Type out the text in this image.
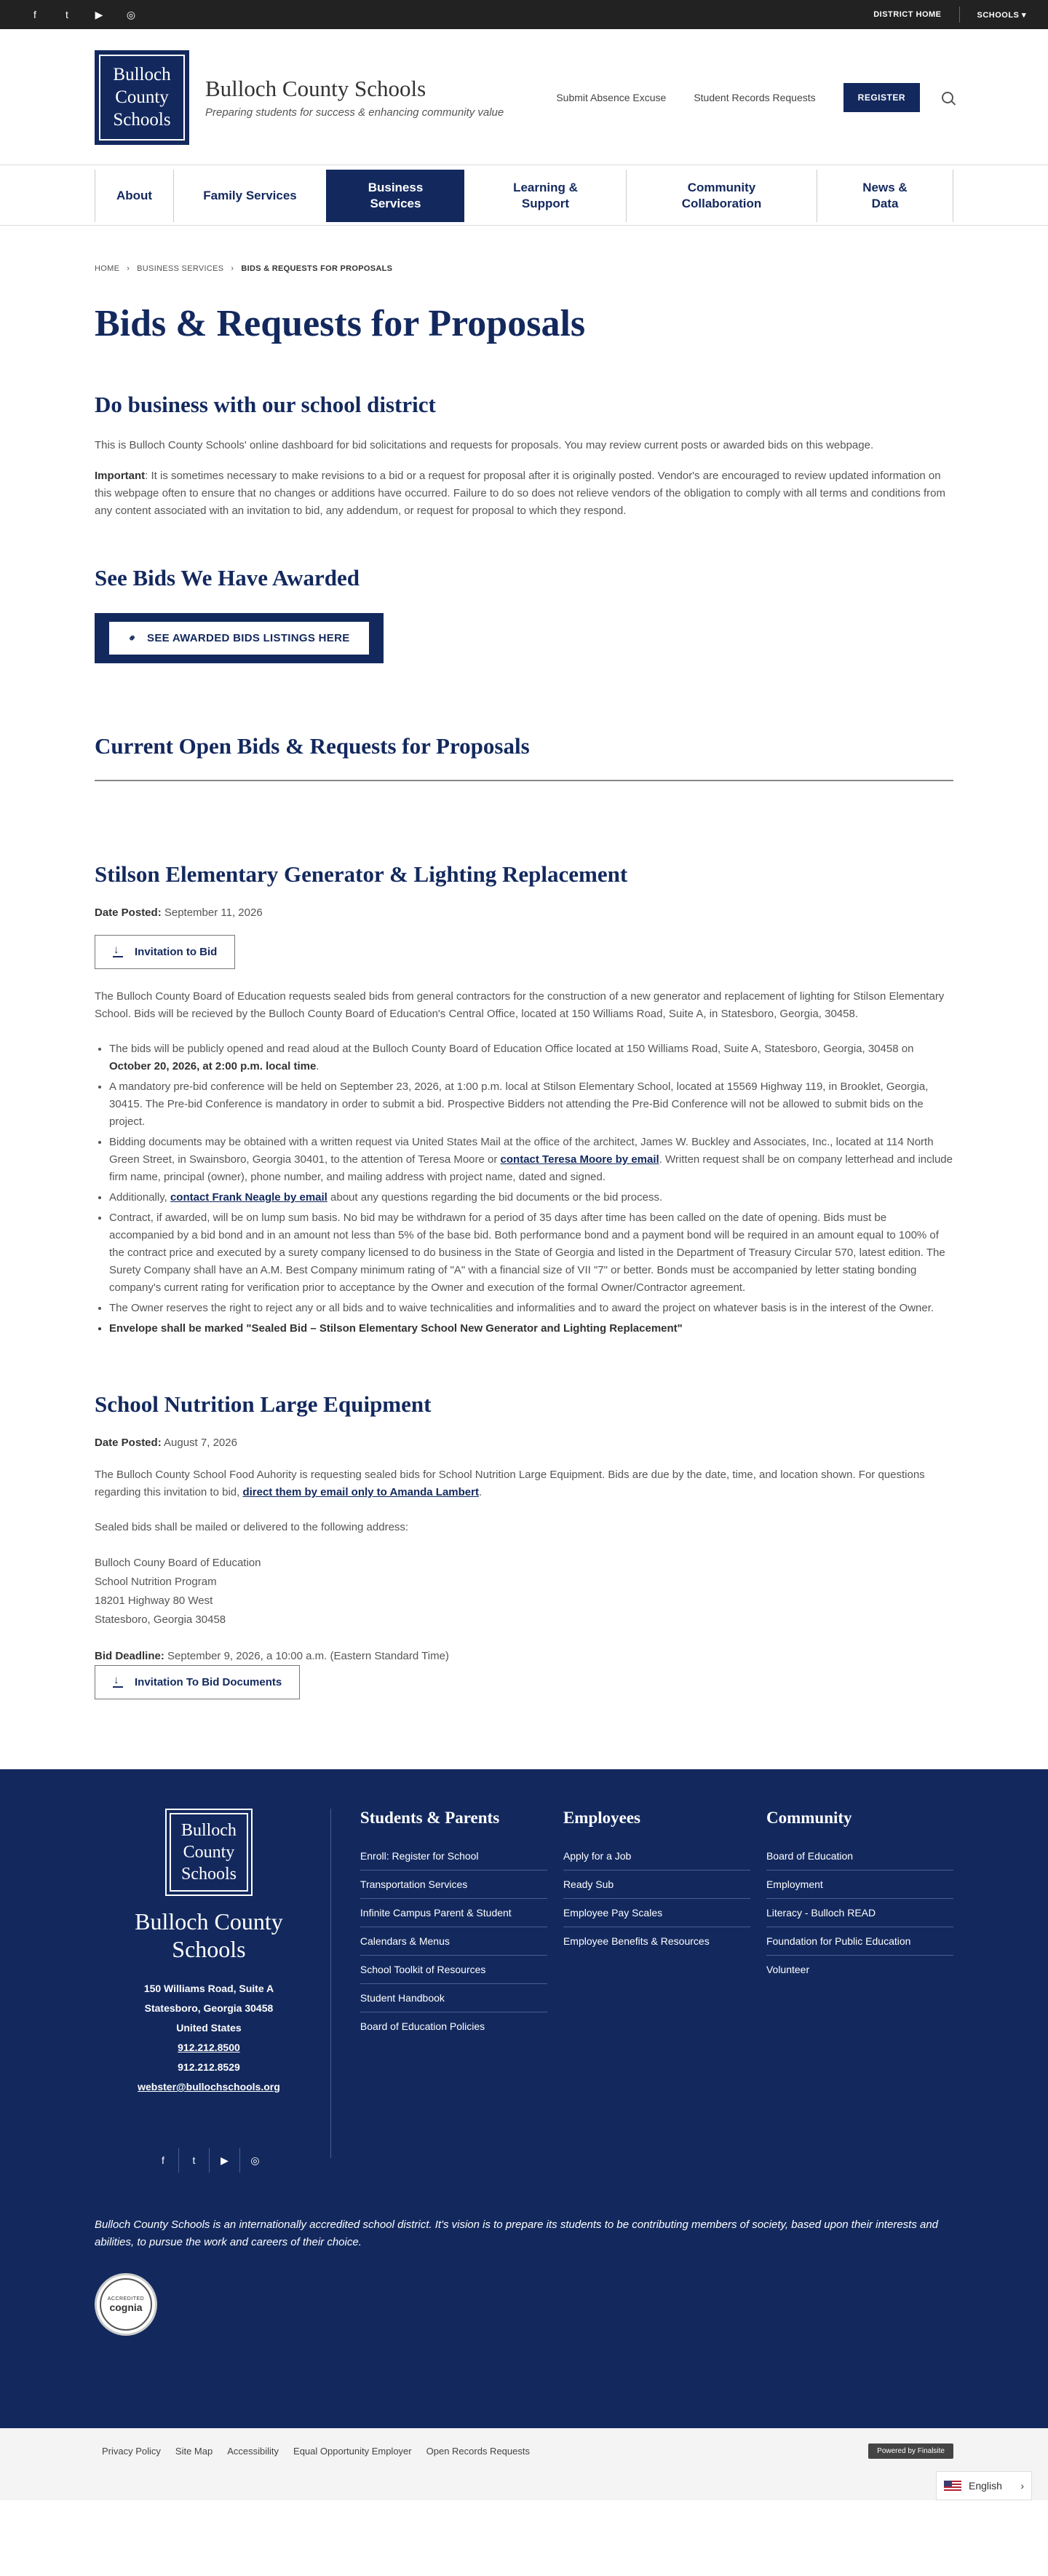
f	t	▶ ◎	DISTRICT HOME	SCHOOLS ▾
Bulloch
County
Schools
Bulloch County Schools
Preparing students for success & enhancing community value
Submit Absence Excuse	Student Records Requests	REGISTER
About	Family Services
Business Services
Learning & Support
Community Collaboration
News & Data
HOME › BUSINESS SERVICES › BIDS & REQUESTS FOR PROPOSALS
Bids & Requests for Proposals
Do business with our school district

This is Bulloch County Schools' online dashboard for bid solicitations and requests for proposals. You may review current posts or awarded bids on this webpage.

Important: It is sometimes necessary to make revisions to a bid or a request for proposal after it is originally posted. Vendor's are encouraged to review updated information on this webpage often to ensure that no changes or additions have occurred. Failure to do so does not relieve vendors of the obligation to comply with all terms and conditions from any content associated with an invitation to bid, any addendum, or request for proposal to which they respond.

See Bids We Have Awarded
⚭ SEE AWARDED BIDS LISTINGS HERE
Current Open Bids & Requests for Proposals
Stilson Elementary Generator & Lighting Replacement

Date Posted: September 11, 2026

↓
Invitation to Bid

The Bulloch County Board of Education requests sealed bids from general contractors for the construction of a new generator and replacement of lighting for Stilson Elementary School. Bids will be recieved by the Bulloch County Board of Education's Central Office, located at 150 Williams Road, Suite A, in Statesboro, Georgia, 30458.

• The bids will be publicly opened and read aloud at the Bulloch County Board of Education Office located at 150 Williams Road, Suite A, Statesboro, Georgia, 30458 on October 20, 2026, at 2:00 p.m. local time.
• A mandatory pre-bid conference will be held on September 23, 2026, at 1:00 p.m. local at Stilson Elementary School, located at 15569 Highway 119, in Brooklet, Georgia, 30415. The Pre-bid Conference is mandatory in order to submit a bid. Prospective Bidders not attending the Pre-Bid Conference will not be allowed to submit bids on the project.
• Bidding documents may be obtained with a written request via United States Mail at the office of the architect, James W. Buckley and Associates, Inc., located at 114 North Green Street, in Swainsboro, Georgia 30401, to the attention of Teresa Moore or contact Teresa Moore by email. Written request shall be on company letterhead and include firm name, principal (owner), phone number, and mailing address with project name, dated and signed.
• Additionally, contact Frank Neagle by email about any questions regarding the bid documents or the bid process.
• Contract, if awarded, will be on lump sum basis. No bid may be withdrawn for a period of 35 days after time has been called on the date of opening. Bids must be accompanied by a bid bond and in an amount not less than 5% of the base bid. Both performance bond and a payment bond will be required in an amount equal to 100% of the contract price and executed by a surety company licensed to do business in the State of Georgia and listed in the Department of Treasury Circular 570, latest edition. The Surety Company shall have an A.M. Best Company minimum rating of "A" with a financial size of VII "7" or better. Bonds must be accompanied by letter stating bonding company's current rating for verification prior to acceptance by the Owner and execution of the formal Owner/Contractor agreement.
• The Owner reserves the right to reject any or all bids and to waive technicalities and informalities and to award the project on whatever basis is in the interest of the Owner.
• Envelope shall be marked "Sealed Bid – Stilson Elementary School New Generator and Lighting Replacement"
School Nutrition Large Equipment

Date Posted: August 7, 2026

The Bulloch County School Food Auhority is requesting sealed bids for School Nutrition Large Equipment. Bids are due by the date, time, and location shown. For questions regarding this invitation to bid, direct them by email only to Amanda Lambert.

Sealed bids shall be mailed or delivered to the following address:

Bulloch Couny Board of Education
School Nutrition Program
18201 Highway 80 West
Statesboro, Georgia 30458

Bid Deadline: September 9, 2026, a 10:00 a.m. (Eastern Standard Time)

↓
Invitation To Bid Documents
Bulloch
County
Schools
Bulloch County
Schools
150 Williams Road, Suite A
Statesboro, Georgia 30458
United States
912.212.8500
912.212.8529
webster@bullochschools.org
f	t	▶	◎
Students & Parents
Enroll: Register for School
Transportation Services
Infinite Campus Parent & Student
Calendars & Menus
School Toolkit of Resources
Student Handbook
Board of Education Policies
Employees
Apply for a Job
Ready Sub
Employee Pay Scales
Employee Benefits & Resources
Community
Board of Education
Employment
Literacy - Bulloch READ
Foundation for Public Education
Volunteer

Bulloch County Schools is an internationally accredited school district. It's vision is to prepare its students to be contributing members of society, based upon their interests and abilities, to pursue the work and careers of their choice.

ACCREDITED
cognia
Privacy Policy	Site Map	Accessibility	Equal Opportunity Employer	Open Records Requests	Powered by Finalsite
English ›
